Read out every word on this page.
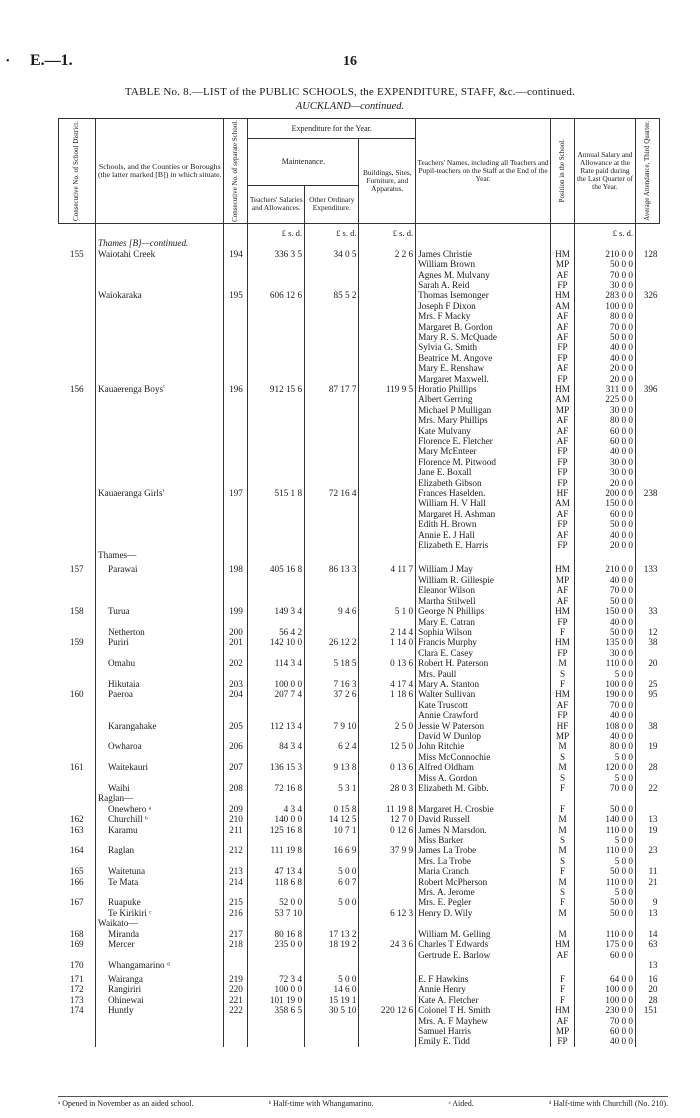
• E.—1.	16
TABLE No. 8.—LIST of the PUBLIC SCHOOLS, the EXPENDITURE, STAFF, &c.—continued.
AUCKLAND—continued.
Consecutive No. of School District.	Schools, and the Counties or Boroughs (the latter marked [B]) in which situate.	Consecutive No. of separate School.	Expenditure for the Year.			Teachers' Names, including all Teachers and Pupil-teachers on the Staff at the End of the Year.	Position in the School.	Annual Salary and Allowance at the Rate paid during the Last Quarter of the Year.	Average Attendance, Third Quarter.

			Maintenance.		Buildings, Sites, Furniture, and Apparatus.				
			Teachers' Salaries and Allowances.	Other Ordinary Expenditure.					
			£ s. d.	£ s. d.	£ s. d.			£ s. d.	
	Thames [B]—continued.								
155	Waiotahi Creek	194	336 3 5	34 0 5	2 2 6	James Christie	HM	210 0 0	128
						William Brown	MP	50 0 0	
						Agnes M. Mulvany	AF	70 0 0	
						Sarah A. Reid	FP	30 0 0	
	Waiokaraka	195	606 12 6	85 5 2		Thomas Isemonger	HM	283 0 0	326
						Joseph F Dixon	AM	100 0 0	
						Mrs. F Macky	AF	80 0 0	
						Margaret B. Gordon	AF	70 0 0	
						Mary R. S. McQuade	AF	50 0 0	
						Sylvia G. Smith	FP	40 0 0	
						Beatrice M. Angove	FP	40 0 0	
						Mary E. Renshaw	AF	20 0 0	
						Margaret Maxwell.	FP	20 0 0	
156	Kauaerenga Boys'	196	912 15 6	87 17 7	119 9 5	Horatio Phillips	HM	311 0 0	396
						Albert Gerring	AM	225 0 0	
						Michael P Mulligan	MP	30 0 0	
						Mrs. Mary Phillips	AF	80 0 0	
						Kate Mulvany	AF	60 0 0	
						Florence E. Fletcher	AF	60 0 0	
						Mary McEnteer	FP	40 0 0	
						Florence M. Pitwood	FP	30 0 0	
						Jane E. Boxall	FP	30 0 0	
						Elizabeth Gibson	FP	20 0 0	
	Kauaeranga Girls'	197	515 1 8	72 16 4		Frances Haselden.	HF	200 0 0	238
						William H. V Hall	AM	150 0 0	
						Margaret H. Ashman	AF	60 0 0	
						Edith H. Brown	FP	50 0 0	
						Annie E. J Hall	AF	40 0 0	
						Elizabeth E. Harris	FP	20 0 0	
	Thames—								
157	Parawai	198	405 16 8	86 13 3	4 11 7	William J May	HM	210 0 0	133
						William R. Gillespie	MP	40 0 0	
						Eleanor Wilson	AF	70 0 0	
						Martha Stilwell	AF	50 0 0	
158	Turua	199	149 3 4	9 4 6	5 1 0	George N Phillips	HM	150 0 0	33
						Mary E. Catran	FP	40 0 0	
	Netherton	200	56 4 2		2 14 4	Sophia Wilson	F	50 0 0	12
159	Puriri	201	142 10 0	26 12 2	1 14 0	Francis Murphy	HM	135 0 0	38
						Clara E. Casey	FP	30 0 0	
	Omahu	202	114 3 4	5 18 5	0 13 6	Robert H. Paterson	M	110 0 0	20
						Mrs. Paull	S	5 0 0	
	Hikutaia	203	100 0 0	7 16 3	4 17 4	Mary A. Stanton	F	100 0 0	25
160	Paeroa	204	207 7 4	37 2 6	1 18 6	Walter Sullivan	HM	190 0 0	95
						Kate Truscott	AF	70 0 0	
						Annie Crawford	FP	40 0 0	
	Karangahake	205	112 13 4	7 9 10	2 5 0	Jessie W Paterson	HF	108 0 0	38
						David W Dunlop	MP	40 0 0	
	Owharoa	206	84 3 4	6 2 4	12 5 0	John Ritchie	M	80 0 0	19
						Miss McConnochie	S	5 0 0	
161	Waitekauri	207	136 15 3	9 13 8	0 13 6	Alfred Oldham	M	120 0 0	28
						Miss A. Gordon	S	5 0 0	
	Waihi	208	72 16 8	5 3 1	28 0 3	Elizabeth M. Gibb.	F	70 0 0	22
	Raglan—								
	Onewhero ᵃ	209	4 3 4	0 15 8	11 19 8	Margaret H. Crosbie	F	50 0 0	
162	Churchill ᵇ	210	140 0 0	14 12 5	12 7 0	David Russell	M	140 0 0	13
163	Karamu	211	125 16 8	10 7 1	0 12 6	James N Marsdon.	M	110 0 0	19
						Miss Barker	S	5 0 0	
164	Raglan	212	111 19 8	16 6 9	37 9 9	James La Trobe	M	110 0 0	23
						Mrs. La Trobe	S	5 0 0	
165	Waitetuna	213	47 13 4	5 0 0		Maria Cranch	F	50 0 0	11
166	Te Mata	214	118 6 8	6 0 7		Robert McPherson	M	110 0 0	21
						Mrs. A. Jerome	S	5 0 0	
167	Ruapuke	215	52 0 0	5 0 0		Mrs. E. Pegler	F	50 0 0	9
	Te Kirikiri ᶜ	216	53 7 10		6 12 3	Henry D. Wily	M	50 0 0	13
	Waikato—								
168	Miranda	217	80 16 8	17 13 2		William M. Gelling	M	110 0 0	14
169	Mercer	218	235 0 0	18 19 2	24 3 6	Charles T Edwards	HM	175 0 0	63
						Gertrude E. Barlow	AF	60 0 0	
170	Whangamarino ᵈ								13
171	Wairanga	219	72 3 4	5 0 0		E. F Hawkins	F	64 0 0	16
172	Rangiriri	220	100 0 0	14 6 0		Annie Henry	F	100 0 0	20
173	Ohinewai	221	101 19 0	15 19 1		Kate A. Fletcher	F	100 0 0	28
174	Huntly	222	358 6 5	30 5 10	220 12 6	Colonel T H. Smith	HM	230 0 0	151
						Mrs. A. F Mayhew	AF	70 0 0	
						Samuel Harris	MP	60 0 0	
						Emily E. Tidd	FP	40 0 0	
ᵃ Opened in November as an aided school.	ᵇ Half-time with Whangamarino.	ᶜ Aided.	ᵈ Half-time with Churchill (No. 210).
